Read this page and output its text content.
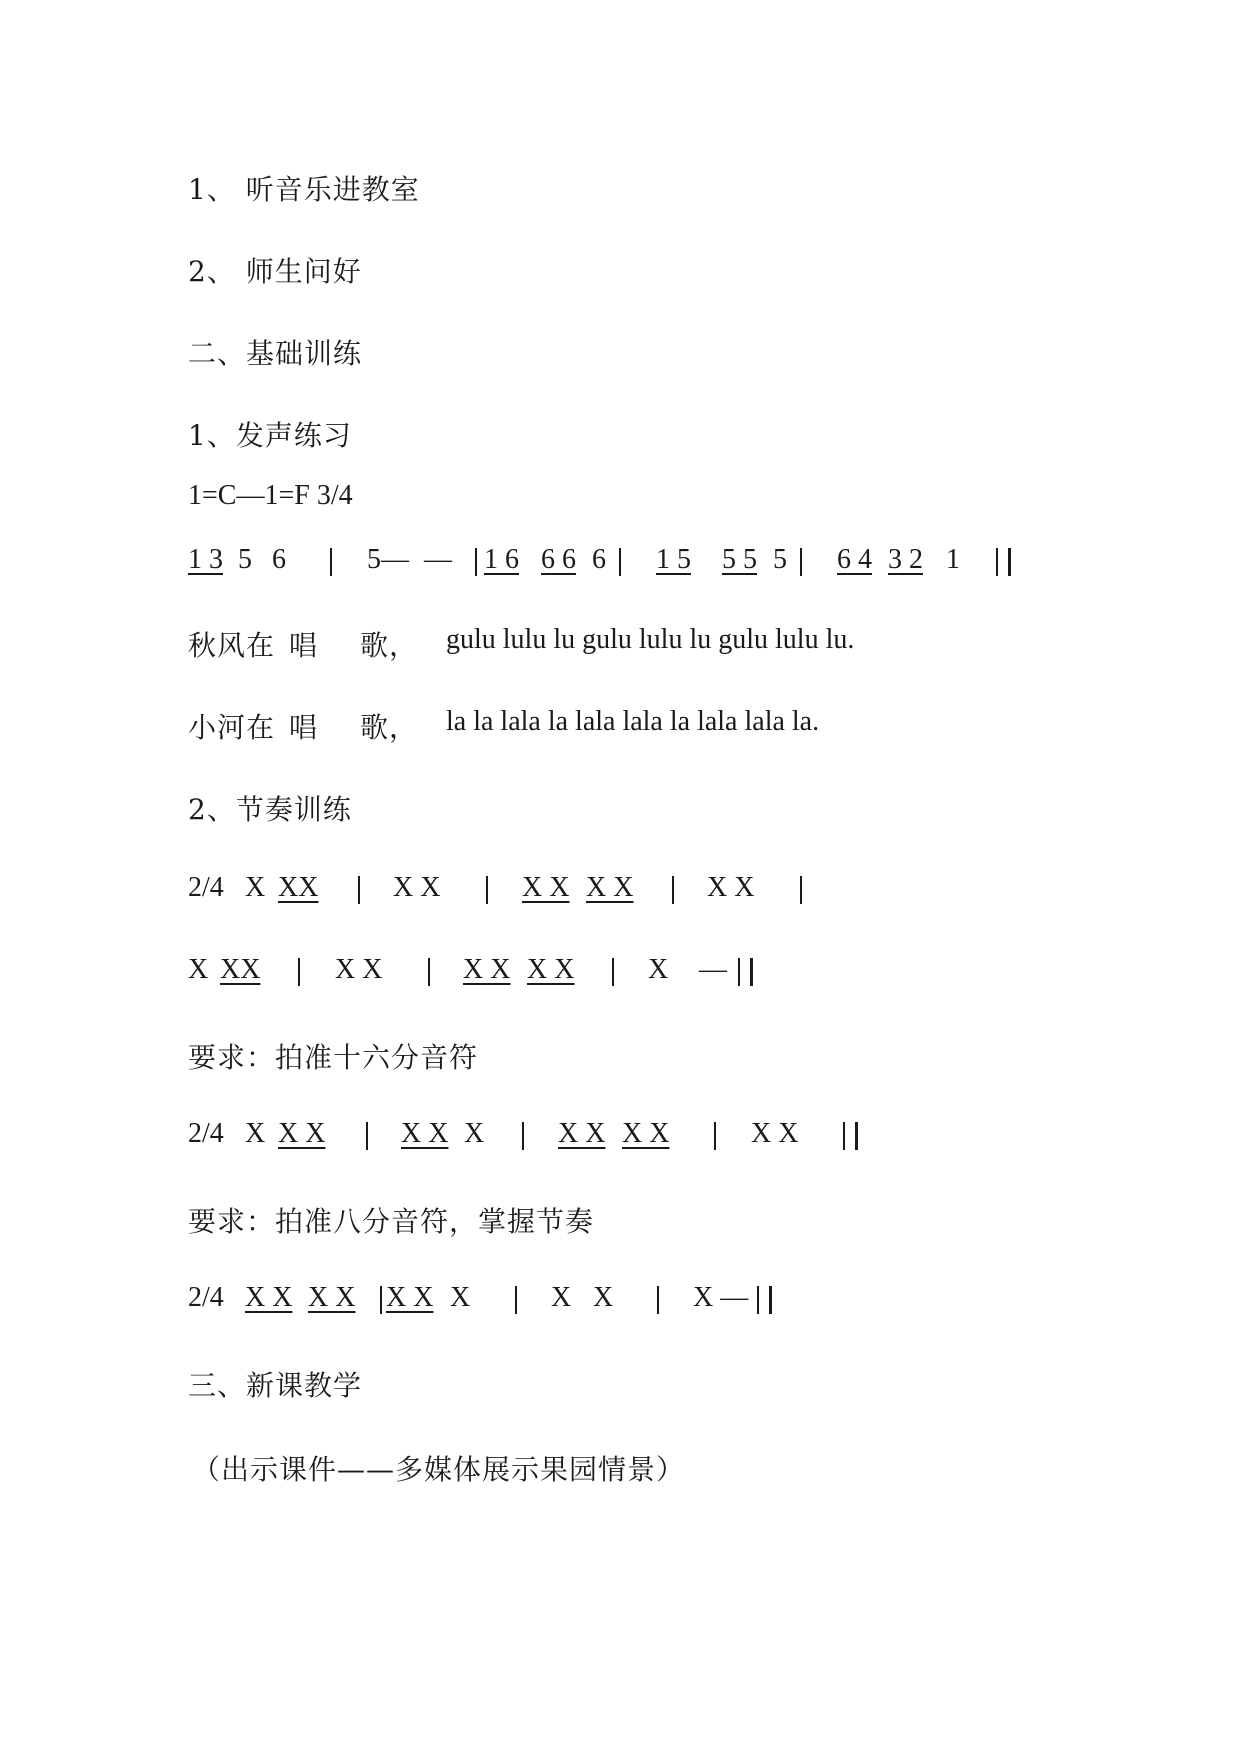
1、 听音乐进教室
2、 师生问好
二、基础训练
1、发声练习
1=C—1=F 3/4
1 3 5 6	5— — 1 6 6 6 6 1 5 5 5 5 6 4 3 2 1
秋风在 唱 歌， gulu lulu lu gulu lulu lu gulu lulu lu.
小河在 唱 歌， la la lala la lala lala la lala lala la.
2、节奏训练
2/4 X XX	X X	X X X X	X X
X XX	X X	X X X X	X —
要求：拍准十六分音符
2/4 X X X	X X X	X X X X	X X
要求：拍准八分音符，掌握节奏
2/4 X X X X X X X	X X	X —
三、新课教学
（出示课件——多媒体展示果园情景）
